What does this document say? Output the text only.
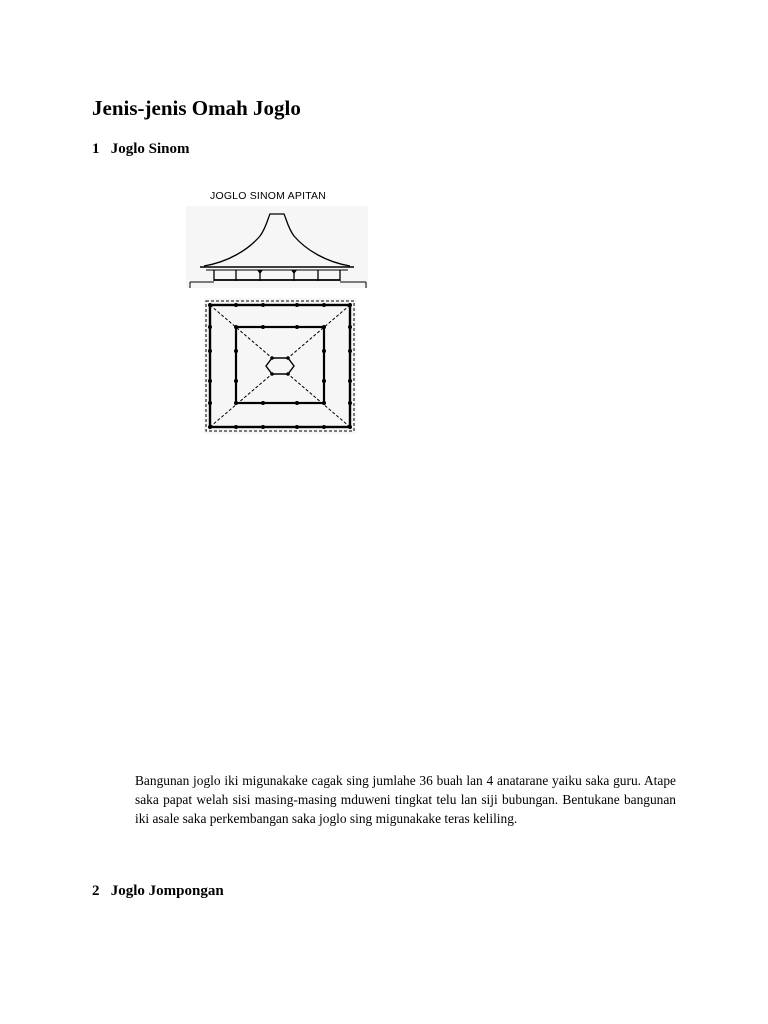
Jenis-jenis Omah Joglo
1 Joglo Sinom
JOGLO SINOM APITAN

Bangunan joglo iki migunakake cagak sing jumlahe 36 buah lan 4 anatarane yaiku saka guru. Atape saka papat welah sisi masing-masing mduweni tingkat telu lan siji bubungan. Bentukane bangunan iki asale saka perkembangan saka joglo sing migunakake teras keliling.

2 Joglo Jompongan
